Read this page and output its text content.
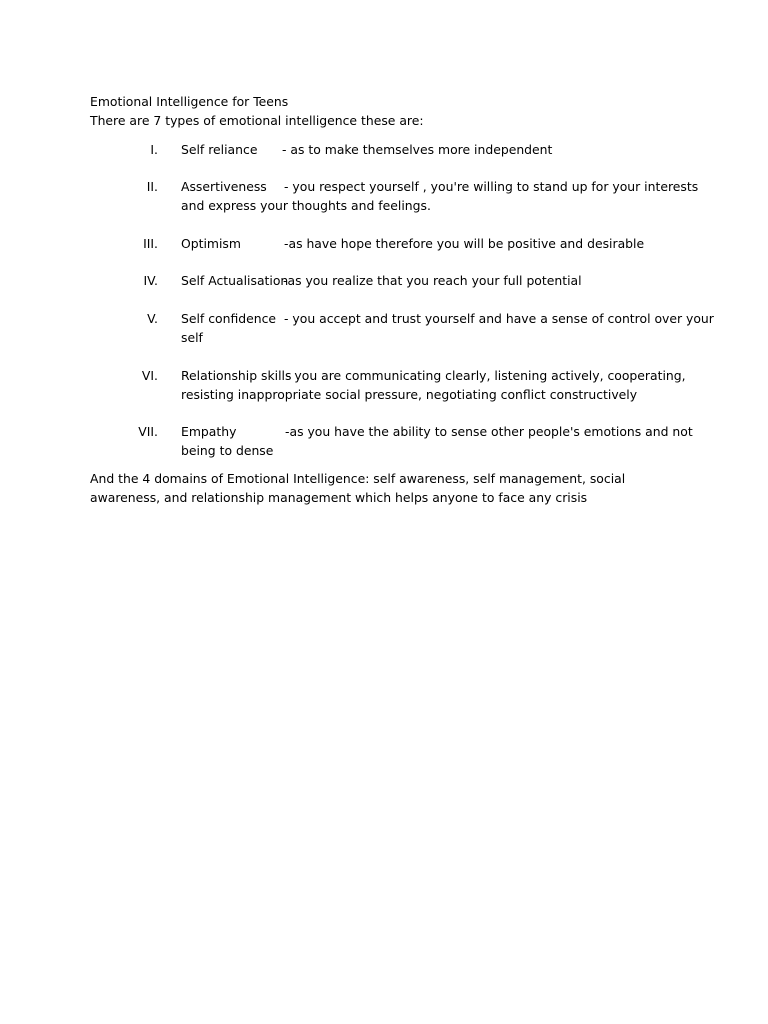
Emotional Intelligence for Teens
There are 7 types of emotional intelligence these are:
I. Self reliance - as to make themselves more independent
II. Assertiveness - you respect yourself , you're willing to stand up for your interests
and express your thoughts and feelings.
III. Optimism	-as have hope therefore you will be positive and desirable
IV. Self Actualisation
-as you realize that you reach your full potential
V. Self confidence - you accept and trust yourself and have a sense of control over your
self
VI. Relationship skills
- you are communicating clearly, listening actively, cooperating,
resisting inappropriate social pressure, negotiating conflict constructively
VII. Empathy	-as you have the ability to sense other people's emotions and not
being to dense
And the 4 domains of Emotional Intelligence: self awareness, self management, social awareness, and relationship management which helps anyone to face any crisis
